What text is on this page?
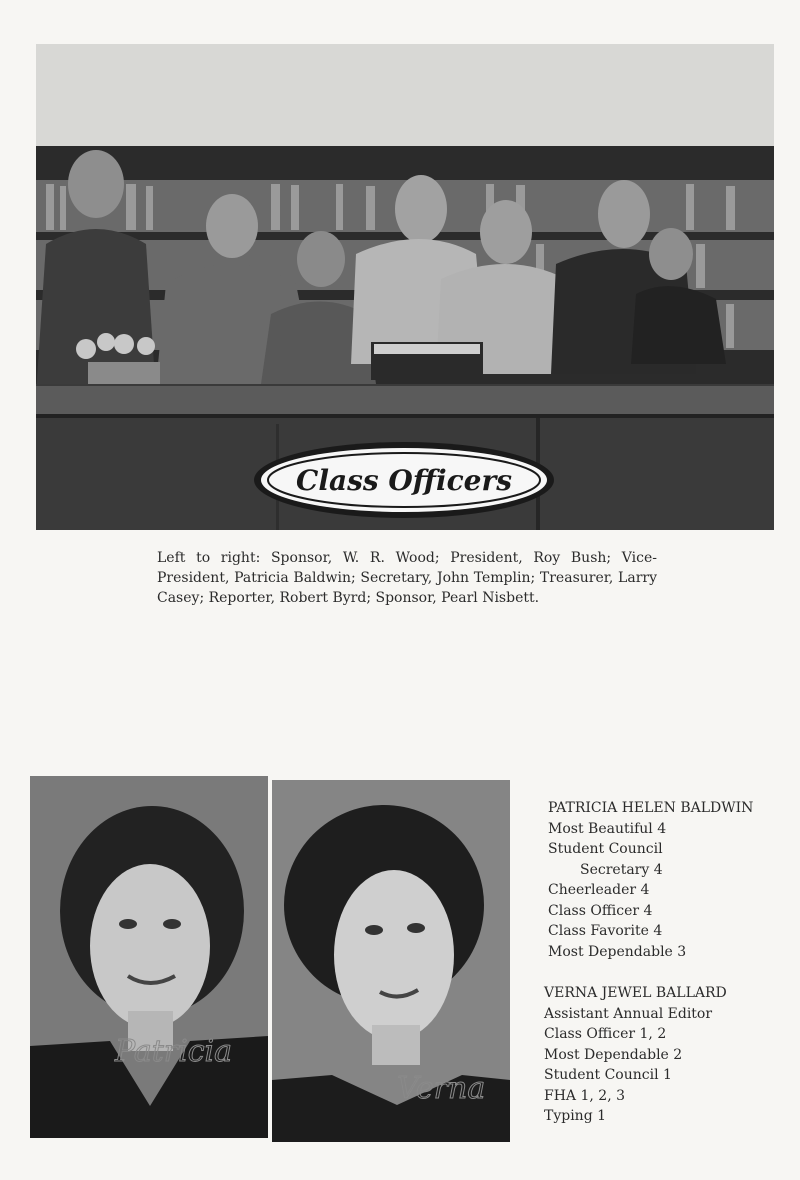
Class Officers

Left to right: Sponsor, W. R. Wood; President, Roy Bush; Vice-President, Patricia Baldwin; Secretary, John Templin; Treasurer, Larry Casey; Reporter, Robert Byrd; Sponsor, Pearl Nisbett.

Patricia
Verna
PATRICIA HELEN BALDWIN
Most Beautiful 4
Student Council
Secretary 4
Cheerleader 4
Class Officer 4
Class Favorite 4
Most Dependable 3
VERNA JEWEL BALLARD
Assistant Annual Editor
Class Officer 1, 2
Most Dependable 2
Student Council 1
FHA 1, 2, 3
Typing 1
